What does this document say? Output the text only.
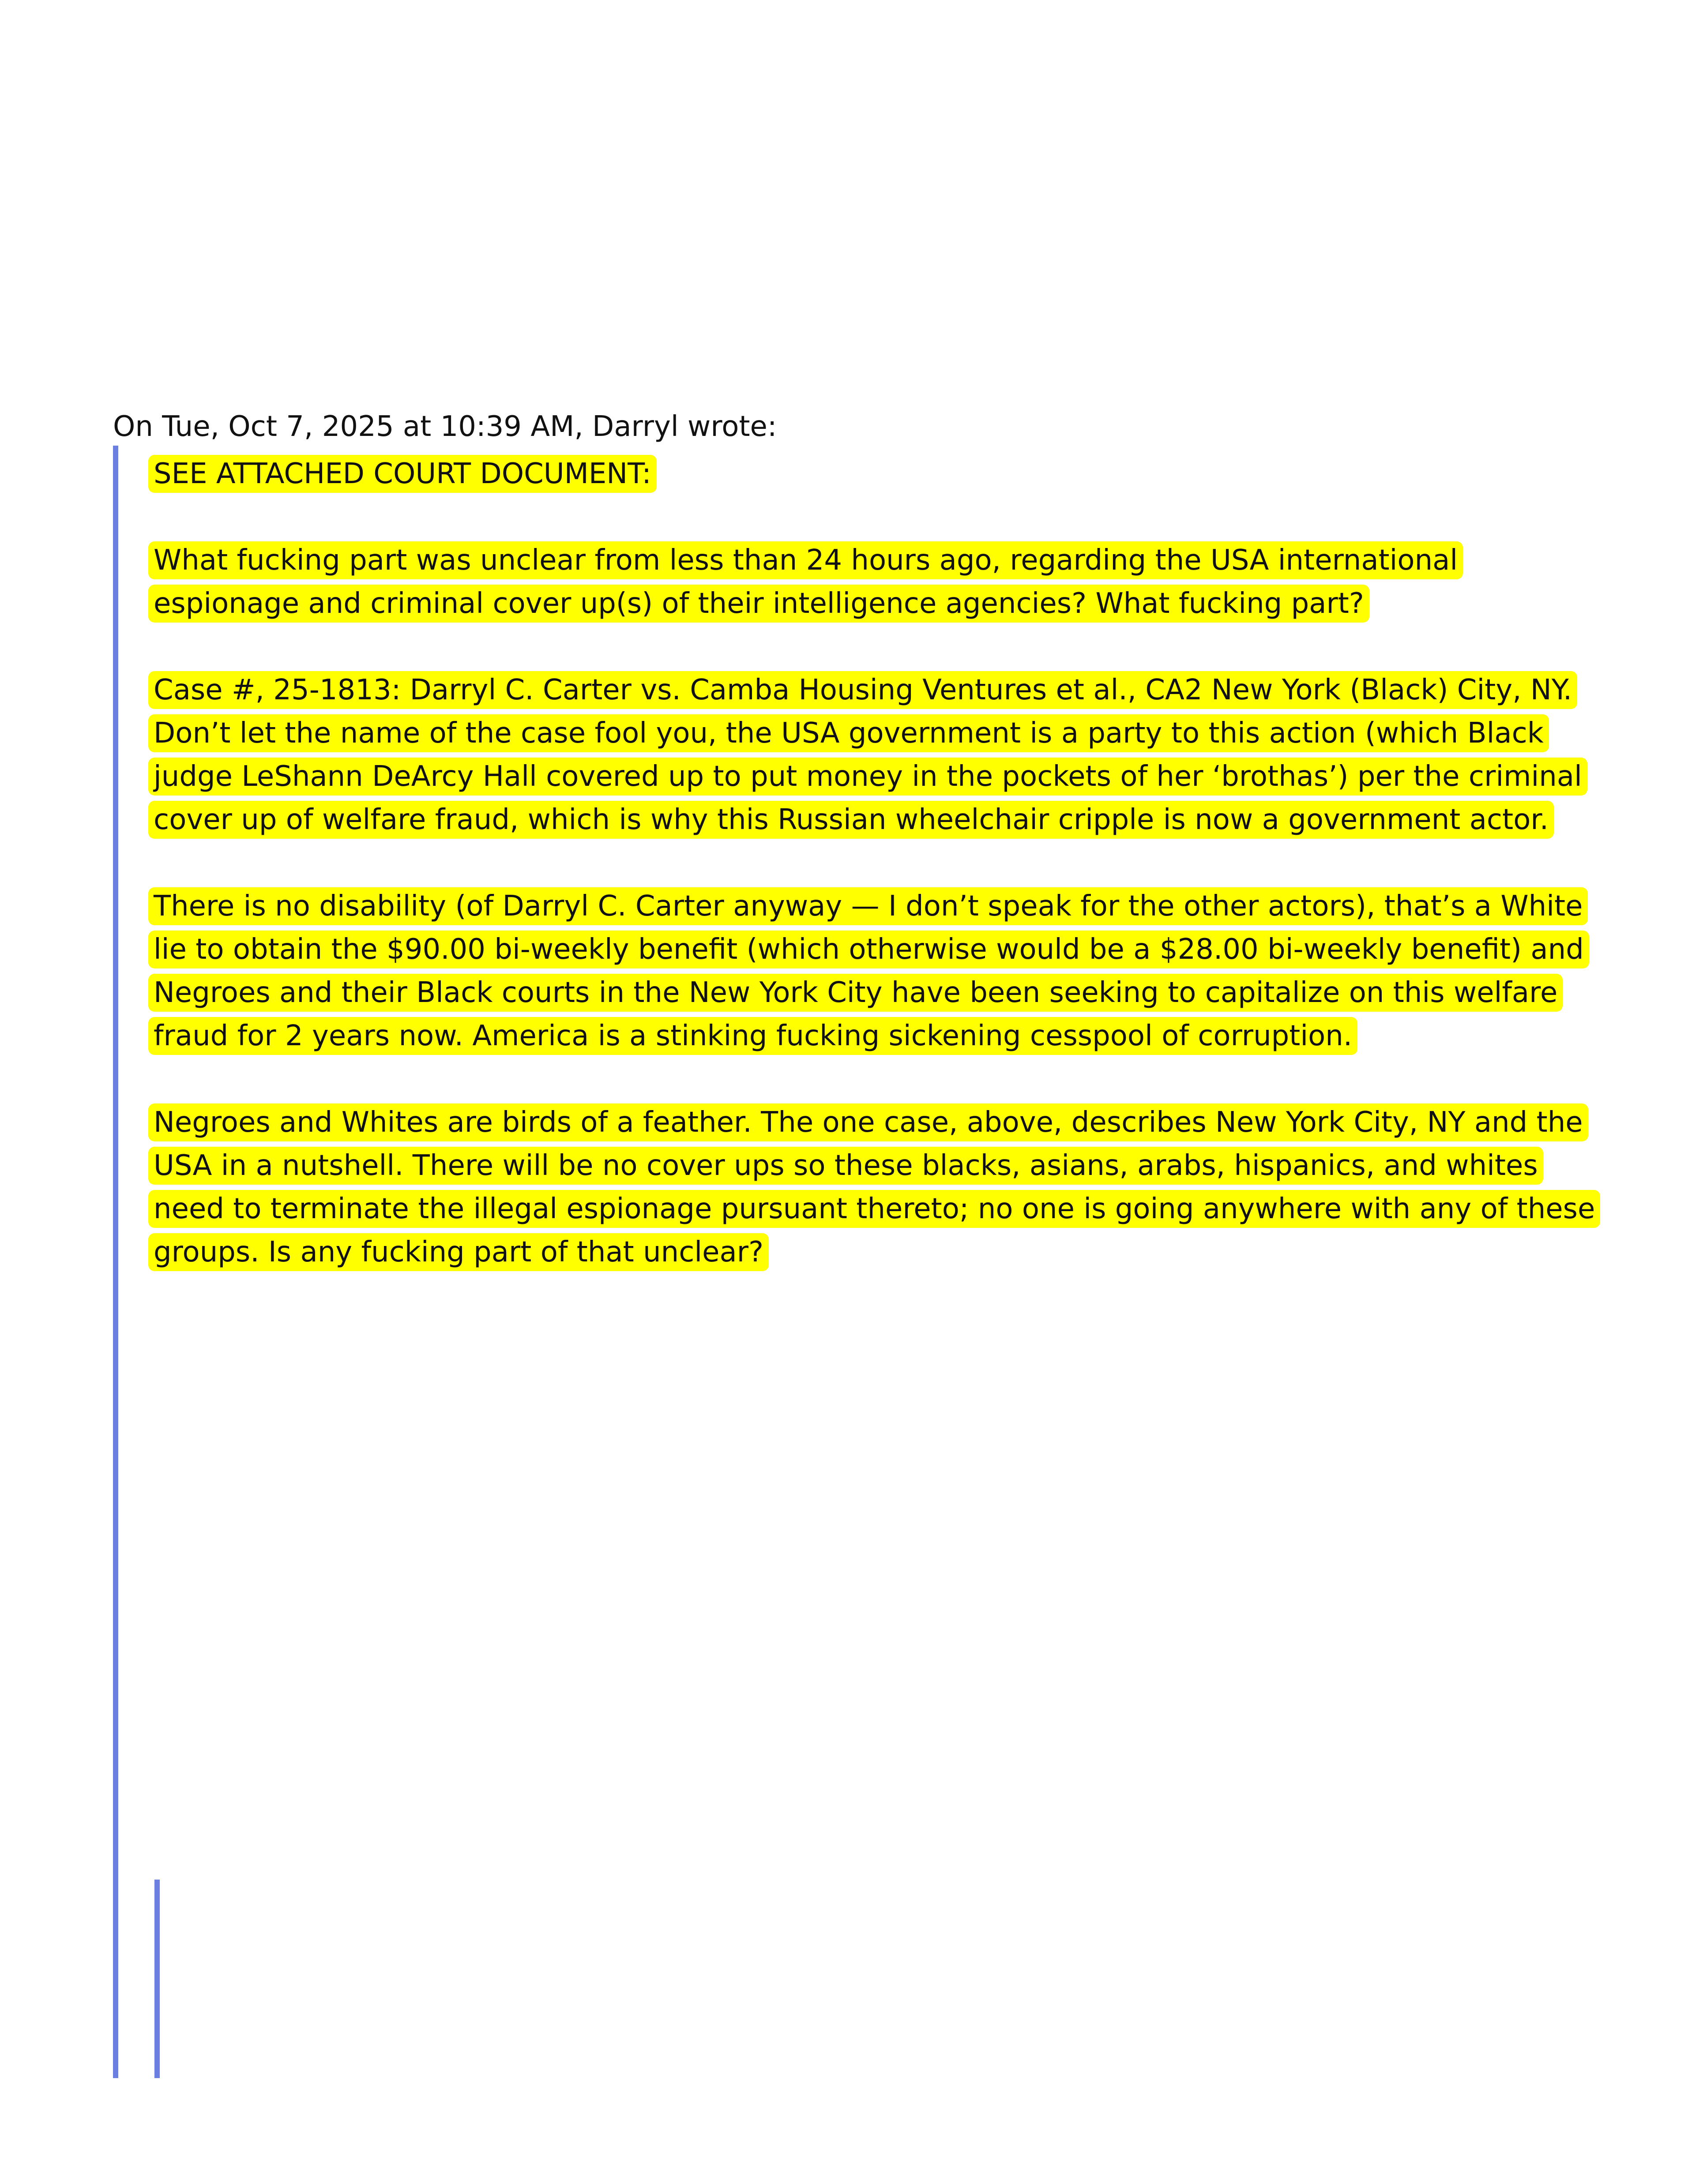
On Tue, Oct 7, 2025 at 10:39 AM, Darryl wrote:

SEE ATTACHED COURT DOCUMENT:

What fucking part was unclear from less than 24 hours ago, regarding the USA international espionage and criminal cover up(s) of their intelligence agencies? What fucking part?

Case #, 25-1813: Darryl C. Carter vs. Camba Housing Ventures et al., CA2 New York (Black) City, NY. Don’t let the name of the case fool you, the USA government is a party to this action (which Black judge LeShann DeArcy Hall covered up to put money in the pockets of her ‘brothas’) per the criminal cover up of welfare fraud, which is why this Russian wheelchair cripple is now a government actor.

There is no disability (of Darryl C. Carter anyway — I don’t speak for the other actors), that’s a White lie to obtain the $90.00 bi-weekly benefit (which otherwise would be a $28.00 bi-weekly benefit) and Negroes and their Black courts in the New York City have been seeking to capitalize on this welfare fraud for 2 years now. America is a stinking fucking sickening cesspool of corruption.

Negroes and Whites are birds of a feather. The one case, above, describes New York City, NY and the USA in a nutshell. There will be no cover ups so these blacks, asians, arabs, hispanics, and whites need to terminate the illegal espionage pursuant thereto; no one is going anywhere with any of these groups. Is any fucking part of that unclear?
